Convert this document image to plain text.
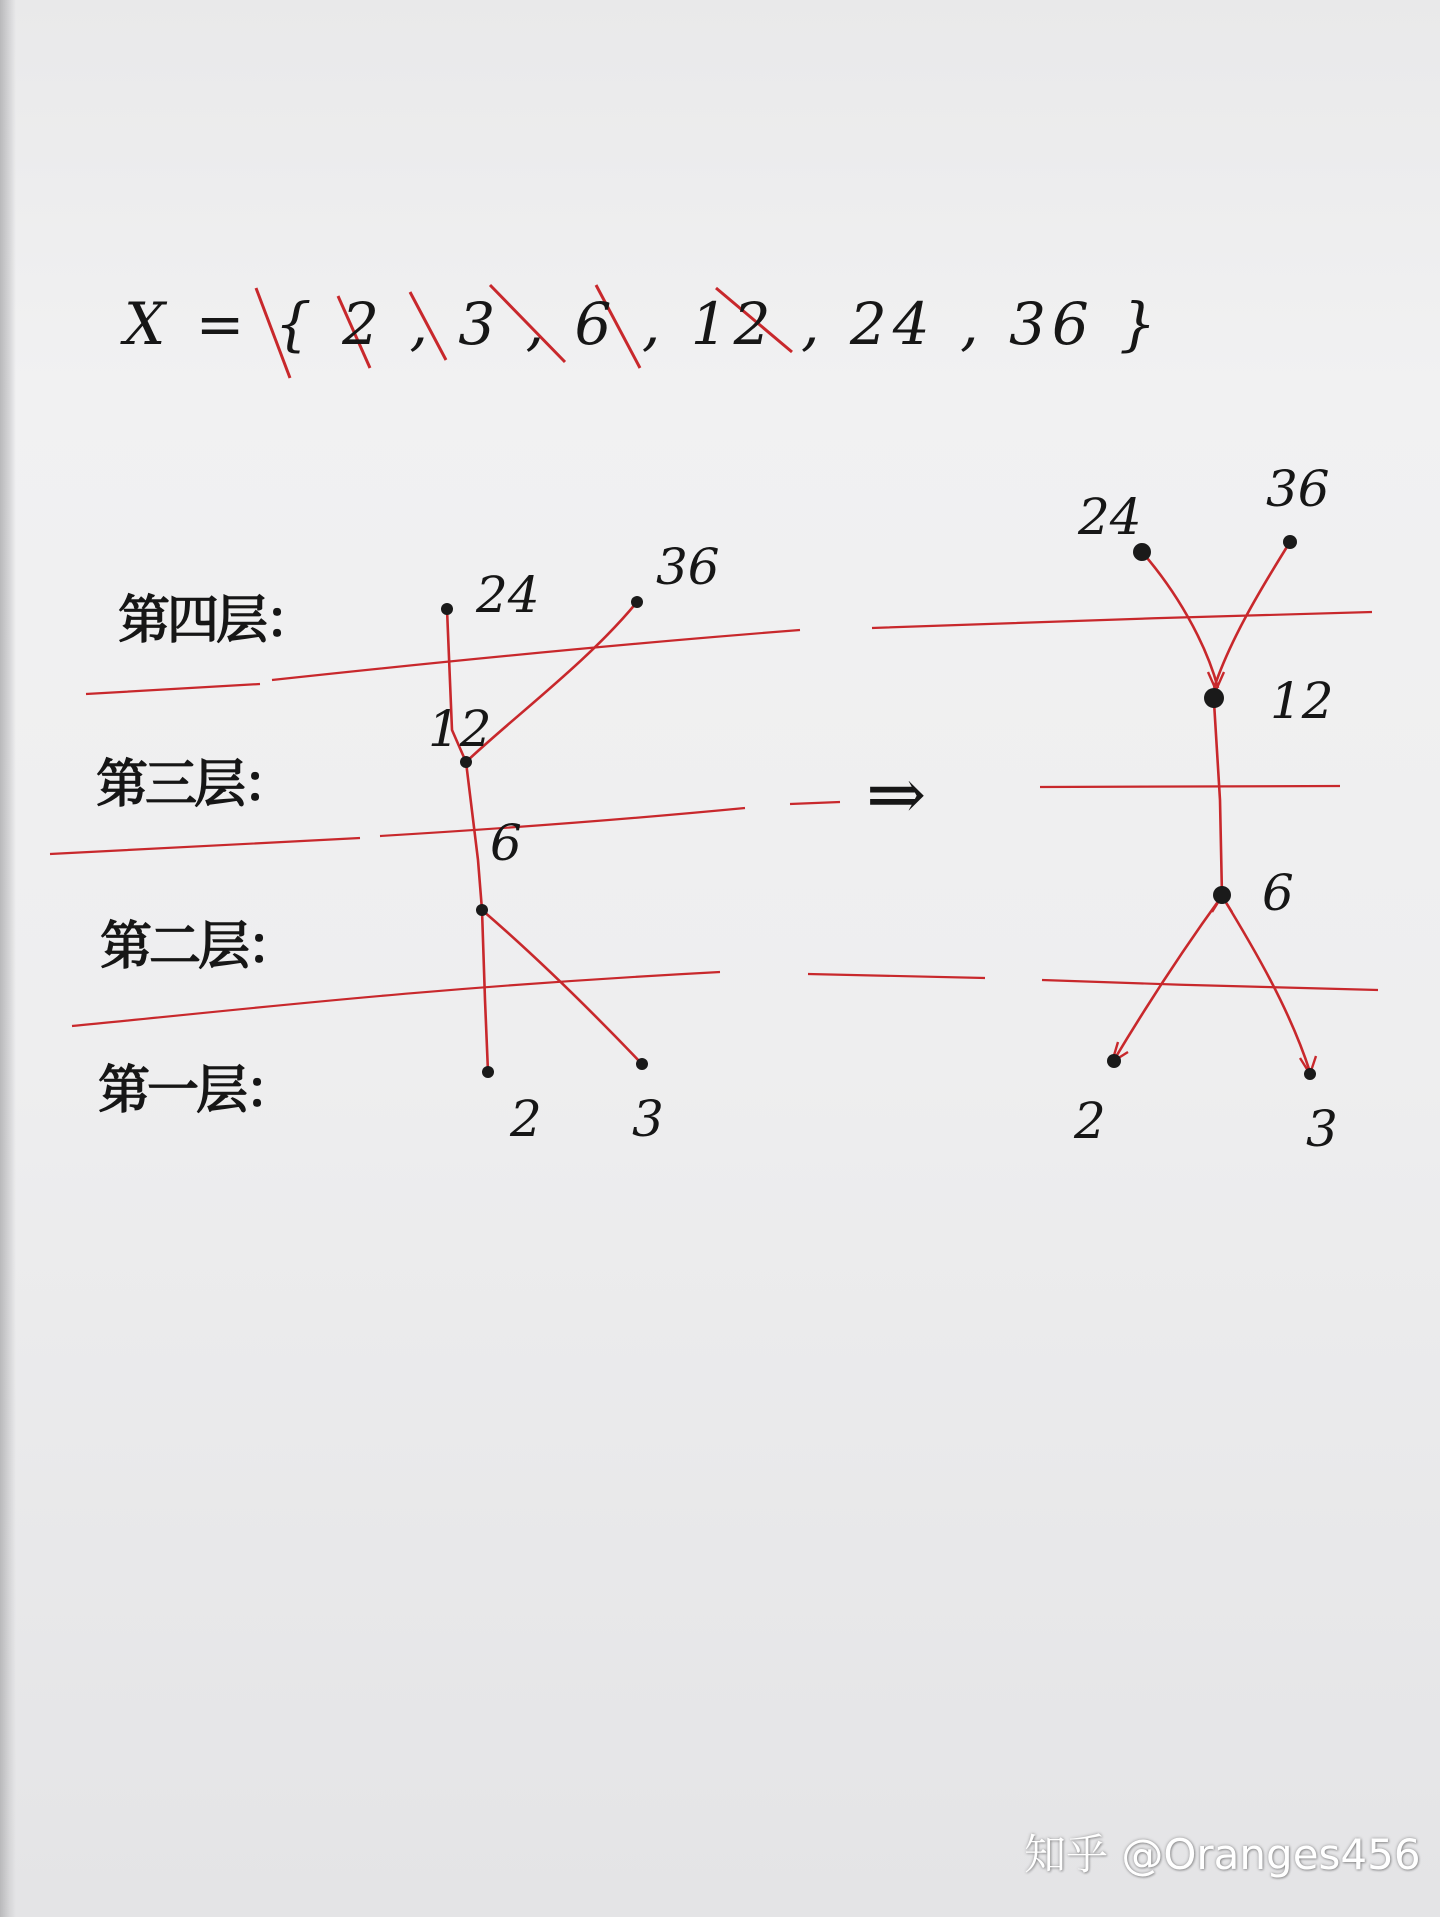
X = { 2 , 3 , 6 , 12 , 24 , 36 }
第四层：
第三层：
第二层：
第一层：
24 36
12
6
2 3
⇒
24 36
12
6
2	3
知乎 @Oranges456
